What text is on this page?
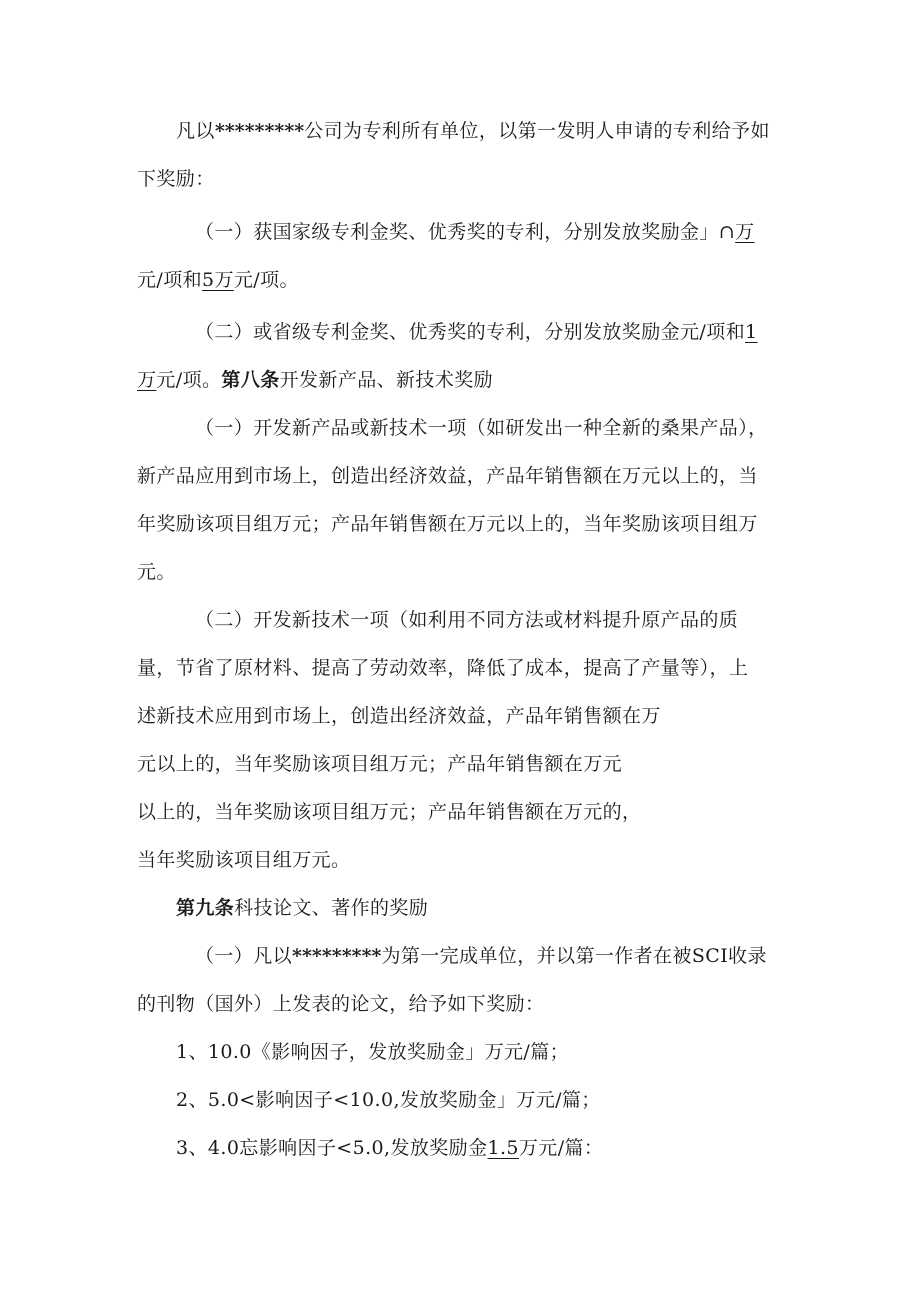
凡以*********公司为专利所有单位，以第一发明人申请的专利给予如
下奖励：
（一）获国家级专利金奖、优秀奖的专利，分别发放奖励金」∩万
元/项和5万元/项。
（二）或省级专利金奖、优秀奖的专利，分别发放奖励金元/项和1
万元/项。第八条开发新产品、新技术奖励
（一）开发新产品或新技术一项（如研发出一种全新的桑果产品），
新产品应用到市场上，创造出经济效益，产品年销售额在万元以上的，当
年奖励该项目组万元；产品年销售额在万元以上的，当年奖励该项目组万
元。
（二）开发新技术一项（如利用不同方法或材料提升原产品的质
量，节省了原材料、提高了劳动效率，降低了成本，提高了产量等），上
述新技术应用到市场上，创造出经济效益，产品年销售额在万
元以上的，当年奖励该项目组万元；产品年销售额在万元
以上的，当年奖励该项目组万元；产品年销售额在万元的，
当年奖励该项目组万元。
第九条科技论文、著作的奖励
（一）凡以*********为第一完成单位，并以第一作者在被SCI收录
的刊物（国外）上发表的论文，给予如下奖励：
1、10.0《影响因子，发放奖励金」万元/篇；
2、5.0<影响因子<10.0,发放奖励金」万元/篇；
3、4.0忘影响因子<5.0,发放奖励金1.5万元/篇：
